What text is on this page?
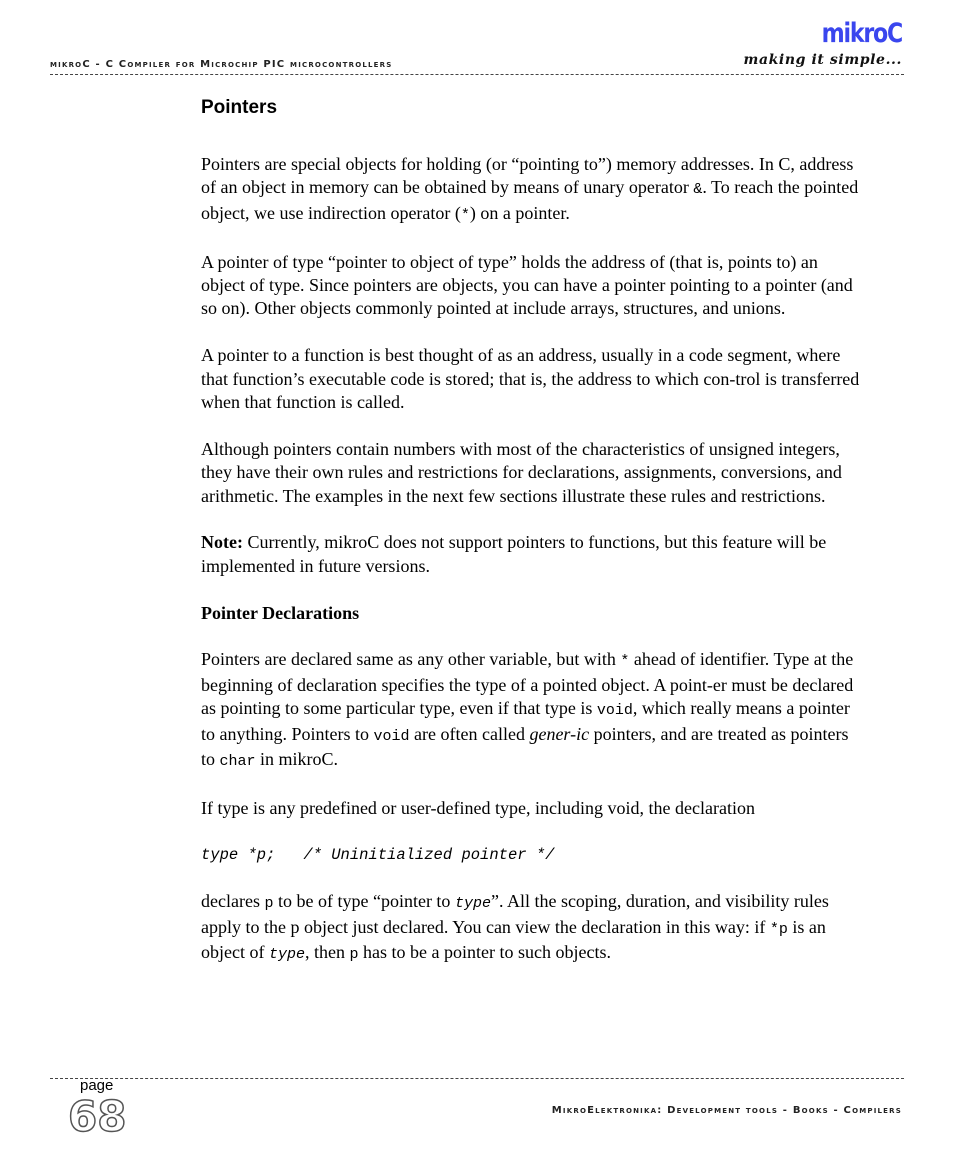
mikroC - C Compiler for Microchip PIC microcontrollers
mikroC
making it simple...
Pointers

Pointers are special objects for holding (or “pointing to”) memory addresses. In C, address of an object in memory can be obtained by means of unary operator &. To reach the pointed object, we use indirection operator (*) on a pointer.

A pointer of type “pointer to object of type” holds the address of (that is, points to) an object of type. Since pointers are objects, you can have a pointer pointing to a pointer (and so on). Other objects commonly pointed at include arrays, structures, and unions.

A pointer to a function is best thought of as an address, usually in a code segment, where that function’s executable code is stored; that is, the address to which con-trol is transferred when that function is called.

Although pointers contain numbers with most of the characteristics of unsigned integers, they have their own rules and restrictions for declarations, assignments, conversions, and arithmetic. The examples in the next few sections illustrate these rules and restrictions.

Note: Currently, mikroC does not support pointers to functions, but this feature will be implemented in future versions.

Pointer Declarations

Pointers are declared same as any other variable, but with * ahead of identifier. Type at the beginning of declaration specifies the type of a pointed object. A point-er must be declared as pointing to some particular type, even if that type is void, which really means a pointer to anything. Pointers to void are often called gener-ic pointers, and are treated as pointers to char in mikroC.

If type is any predefined or user-defined type, including void, the declaration

type *p;   /* Uninitialized pointer */

declares p to be of type “pointer to type”. All the scoping, duration, and visibility rules apply to the p object just declared. You can view the declaration in this way: if *p is an object of type, then p has to be a pointer to such objects.

page
68	MikroElektronika: Development tools - Books - Compilers
